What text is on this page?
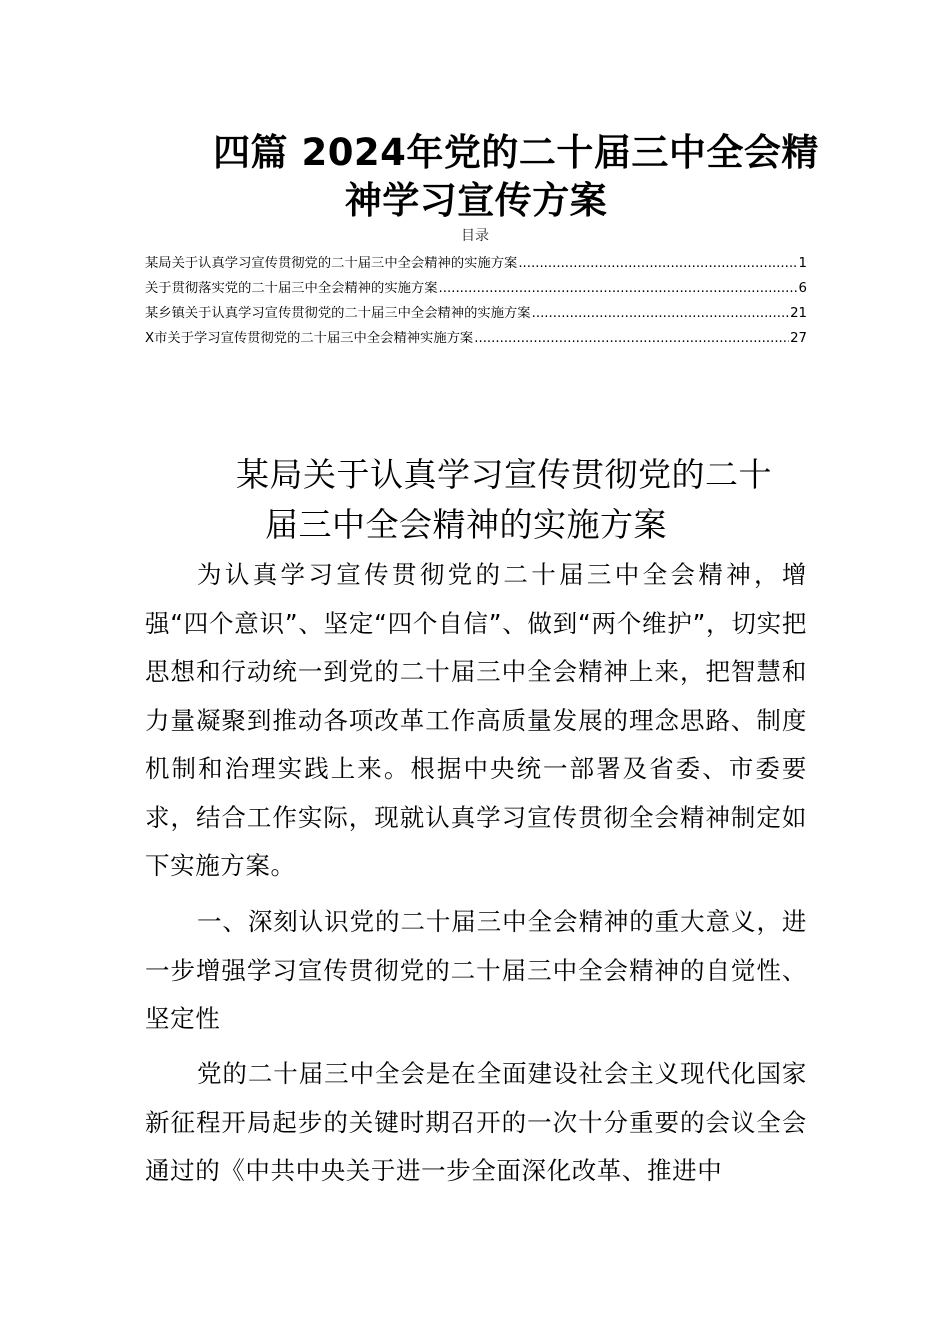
四篇 2024年党的二十届三中全会精
神学习宣传方案
目录
某局关于认真学习宣传贯彻党的二十届三中全会精神的实施方案 .....	1
关于贯彻落实党的二十届三中全会精神的实施方案 .....	6
某乡镇关于认真学习宣传贯彻党的二十届三中全会精神的实施方案 .....	21
X市关于学习宣传贯彻党的二十届三中全会精神实施方案 .....	27
某局关于认真学习宣传贯彻党的二十
届三中全会精神的实施方案

为认真学习宣传贯彻党的二十届三中全会精神，增强“四个意识”、坚定“四个自信”、做到“两个维护”，切实把思想和行动统一到党的二十届三中全会精神上来，把智慧和力量凝聚到推动各项改革工作高质量发展的理念思路、制度机制和治理实践上来。根据中央统一部署及省委、市委要求，结合工作实际，现就认真学习宣传贯彻全会精神制定如下实施方案。

一、深刻认识党的二十届三中全会精神的重大意义，进一步增强学习宣传贯彻党的二十届三中全会精神的自觉性、坚定性

党的二十届三中全会是在全面建设社会主义现代化国家新征程开局起步的关键时期召开的一次十分重要的会议全会通过的《中共中央关于进一步全面深化改革、推进中
